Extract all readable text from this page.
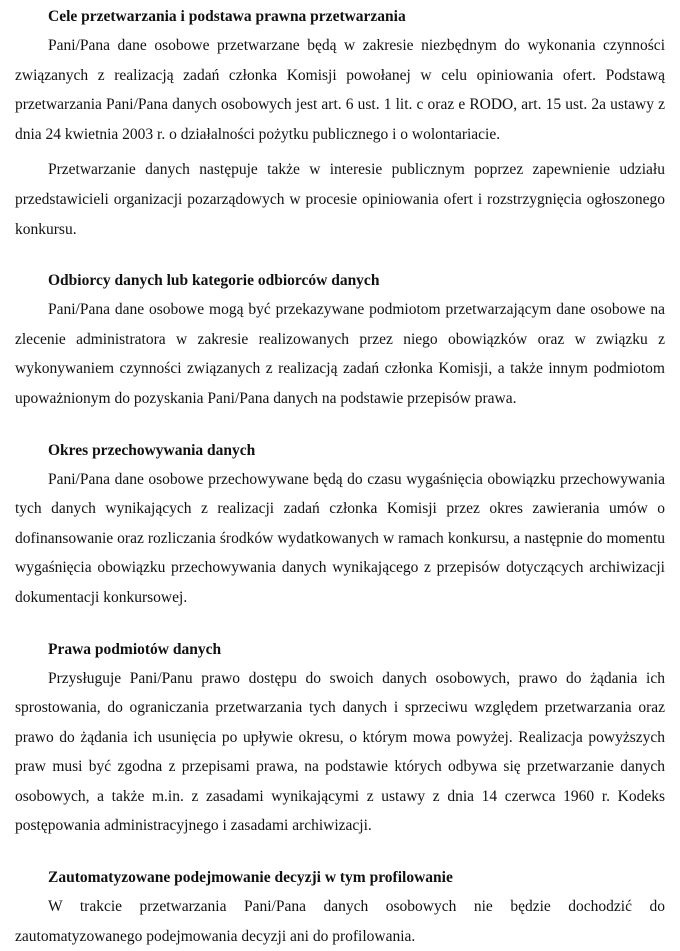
Cele przetwarzania i podstawa prawna przetwarzania

Pani/Pana dane osobowe przetwarzane będą w zakresie niezbędnym do wykonania czynności związanych z realizacją zadań członka Komisji powołanej w celu opiniowania ofert. Podstawą przetwarzania Pani/Pana danych osobowych jest art. 6 ust. 1 lit. c oraz e RODO, art. 15 ust. 2a ustawy z dnia 24 kwietnia 2003 r. o działalności pożytku publicznego i o wolontariacie.

Przetwarzanie danych następuje także w interesie publicznym poprzez zapewnienie udziału przedstawicieli organizacji pozarządowych w procesie opiniowania ofert i rozstrzygnięcia ogłoszonego konkursu.

Odbiorcy danych lub kategorie odbiorców danych

Pani/Pana dane osobowe mogą być przekazywane podmiotom przetwarzającym dane osobowe na zlecenie administratora w zakresie realizowanych przez niego obowiązków oraz w związku z wykonywaniem czynności związanych z realizacją zadań członka Komisji, a także innym podmiotom upoważnionym do pozyskania Pani/Pana danych na podstawie przepisów prawa.

Okres przechowywania danych

Pani/Pana dane osobowe przechowywane będą do czasu wygaśnięcia obowiązku przechowywania tych danych wynikających z realizacji zadań członka Komisji przez okres zawierania umów o dofinansowanie oraz rozliczania środków wydatkowanych w ramach konkursu, a następnie do momentu wygaśnięcia obowiązku przechowywania danych wynikającego z przepisów dotyczących archiwizacji dokumentacji konkursowej.

Prawa podmiotów danych

Przysługuje Pani/Panu prawo dostępu do swoich danych osobowych, prawo do żądania ich sprostowania, do ograniczania przetwarzania tych danych i sprzeciwu względem przetwarzania oraz prawo do żądania ich usunięcia po upływie okresu, o którym mowa powyżej. Realizacja powyższych praw musi być zgodna z przepisami prawa, na podstawie których odbywa się przetwarzanie danych osobowych, a także m.in. z zasadami wynikającymi z ustawy z dnia 14 czerwca 1960 r. Kodeks postępowania administracyjnego i zasadami archiwizacji.

Zautomatyzowane podejmowanie decyzji w tym profilowanie

W trakcie przetwarzania Pani/Pana danych osobowych nie będzie dochodzić do zautomatyzowanego podejmowania decyzji ani do profilowania.
